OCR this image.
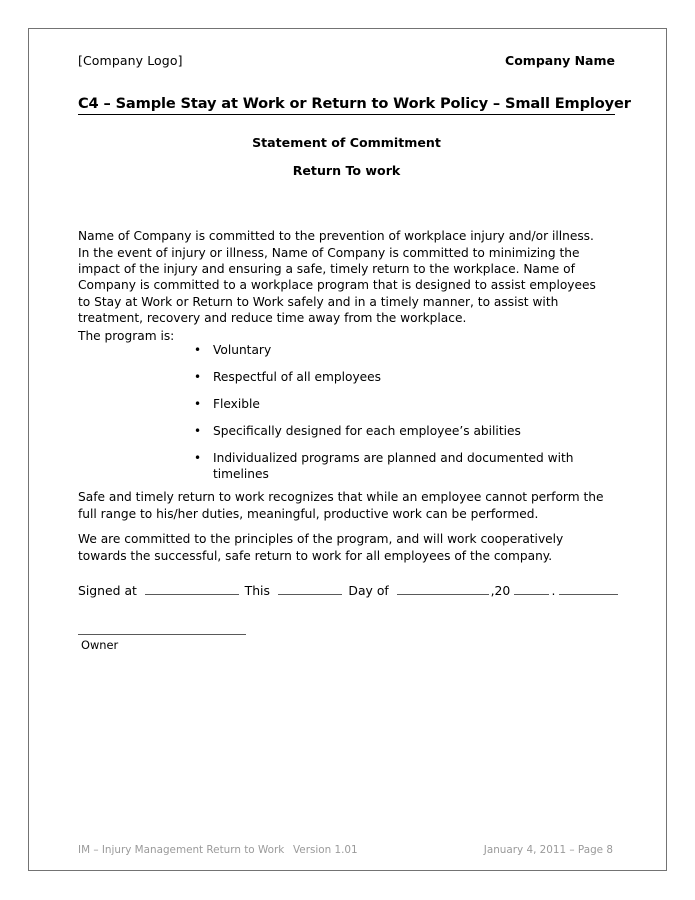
[Company Logo]	Company Name
C4 – Sample Stay at Work or Return to Work Policy – Small Employer
Statement of Commitment
Return To work

Name of Company is committed to the prevention of workplace injury and/or illness. In the event of injury or illness, Name of Company is committed to minimizing the impact of the injury and ensuring a safe, timely return to the workplace. Name of Company is committed to a workplace program that is designed to assist employees to Stay at Work or Return to Work safely and in a timely manner, to assist with treatment, recovery and reduce time away from the workplace.

The program is:

• Voluntary
• Respectful of all employees
• Flexible
• Specifically designed for each employee’s abilities
• Individualized programs are planned and documented with timelines

Safe and timely return to work recognizes that while an employee cannot perform the full range to his/her duties, meaningful, productive work can be performed.

We are committed to the principles of the program, and will work cooperatively towards the successful, safe return to work for all employees of the company.

Signed at	This	Day of	, 20	.
Owner
IM – Injury Management Return to Work Version 1.01	January 4, 2011 – Page 8
